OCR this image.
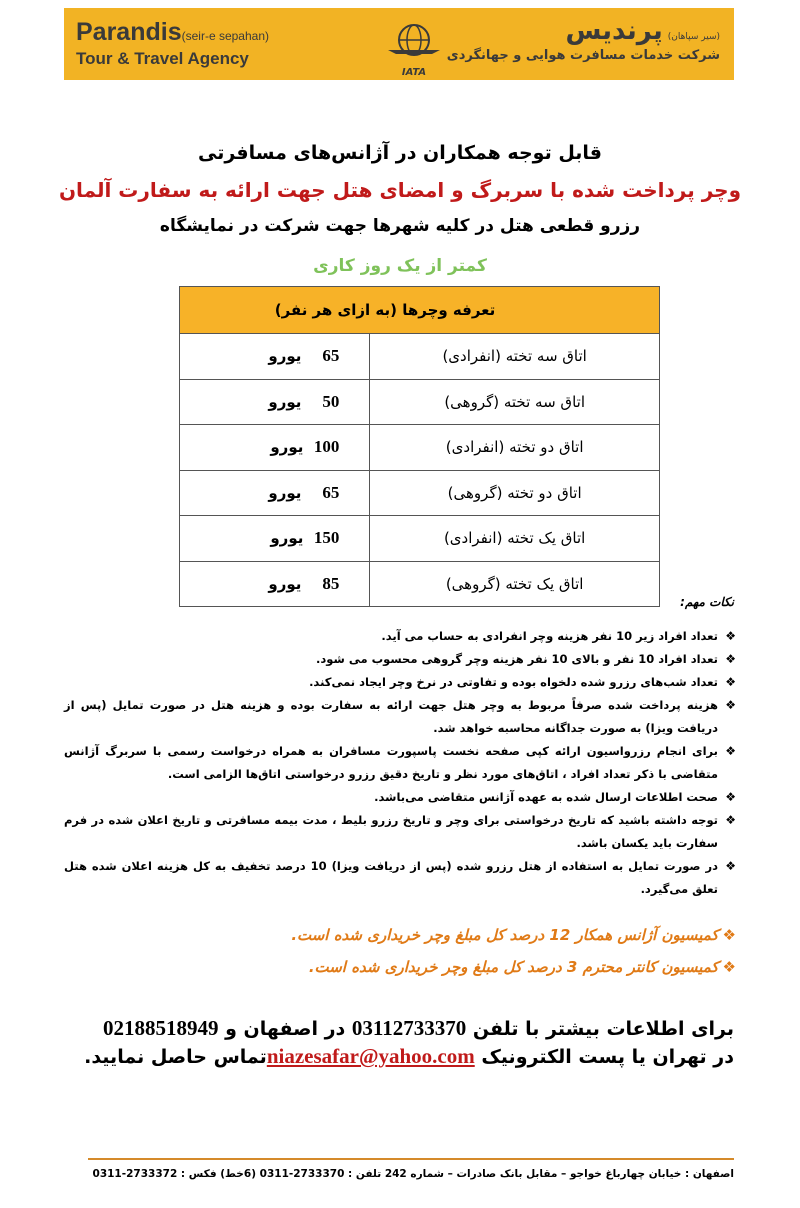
Parandis(seir-e sepahan)
Tour & Travel Agency
IATA
(سیر سپاهان) پرندیس
شرکت خدمات مسافرت هوایی و جهانگردی
قابل توجه همکاران در آژانس‌های مسافرتی
وچر پرداخت شده با سربرگ و امضای هتل جهت ارائه به سفارت آلمان
رزرو قطعی هتل در کلیه شهرها جهت شرکت در نمایشگاه
کمتر از یک روز کاری
تعرفه وچرها (به ازای هر نفر)	
اتاق سه تخته (انفرادی)	65    یورو
اتاق سه تخته (گروهی)	50    یورو
اتاق دو تخته (انفرادی)	100  یورو
اتاق دو تخته (گروهی)	65    یورو
اتاق یک تخته (انفرادی)	150  یورو
اتاق یک تخته (گروهی)	85    یورو
نکات مهم:
❖
تعداد افراد زیر 10 نفر هزینه وچر انفرادی به حساب می آید.
❖
تعداد افراد 10 نفر و بالای 10 نفر هزینه وچر گروهی محسوب می شود.
❖
تعداد شب‌های رزرو شده دلخواه بوده و تفاوتی در نرخ وچر ایجاد نمی‌کند.
❖
هزینه پرداخت شده صرفاً مربوط به وچر هتل جهت ارائه به سفارت بوده و هزینه هتل در صورت تمایل (پس از دریافت ویزا) به صورت جداگانه محاسبه خواهد شد.
❖
برای انجام رزرواسیون ارائه کپی صفحه نخست پاسپورت مسافران به همراه درخواست رسمی با سربرگ آژانس متقاضی با ذکر تعداد افراد ، اتاق‌های مورد نظر و تاریخ دقیق رزرو درخواستی اتاق‌ها الزامی است.
❖
صحت اطلاعات ارسال شده به عهده آژانس متقاضی می‌باشد.
❖
توجه داشته باشید که تاریخ درخواستی برای وچر و تاریخ رزرو بلیط ، مدت بیمه مسافرتی و تاریخ اعلان شده در فرم سفارت باید یکسان باشد.
❖
در صورت تمایل به استفاده از هتل رزرو شده (پس از دریافت ویزا) 10 درصد تخفیف به کل هزینه اعلان شده هتل تعلق می‌گیرد.
❖کمیسیون آژانس همکار 12 درصد کل مبلغ وچر خریداری شده است.
❖کمیسیون کانتر محترم 3 درصد کل مبلغ وچر خریداری شده است.
برای اطلاعات بیشتر با تلفن 03112733370 در اصفهان و 02188518949
در تهران یا پست الکترونیک niazesafar@yahoo.comتماس حاصل نمایید.
اصفهان : خیابان چهارباغ خواجو – مقابل بانک صادرات – شماره 242 تلفن : 2733370-0311 (6خط) فکس : 2733372-0311
